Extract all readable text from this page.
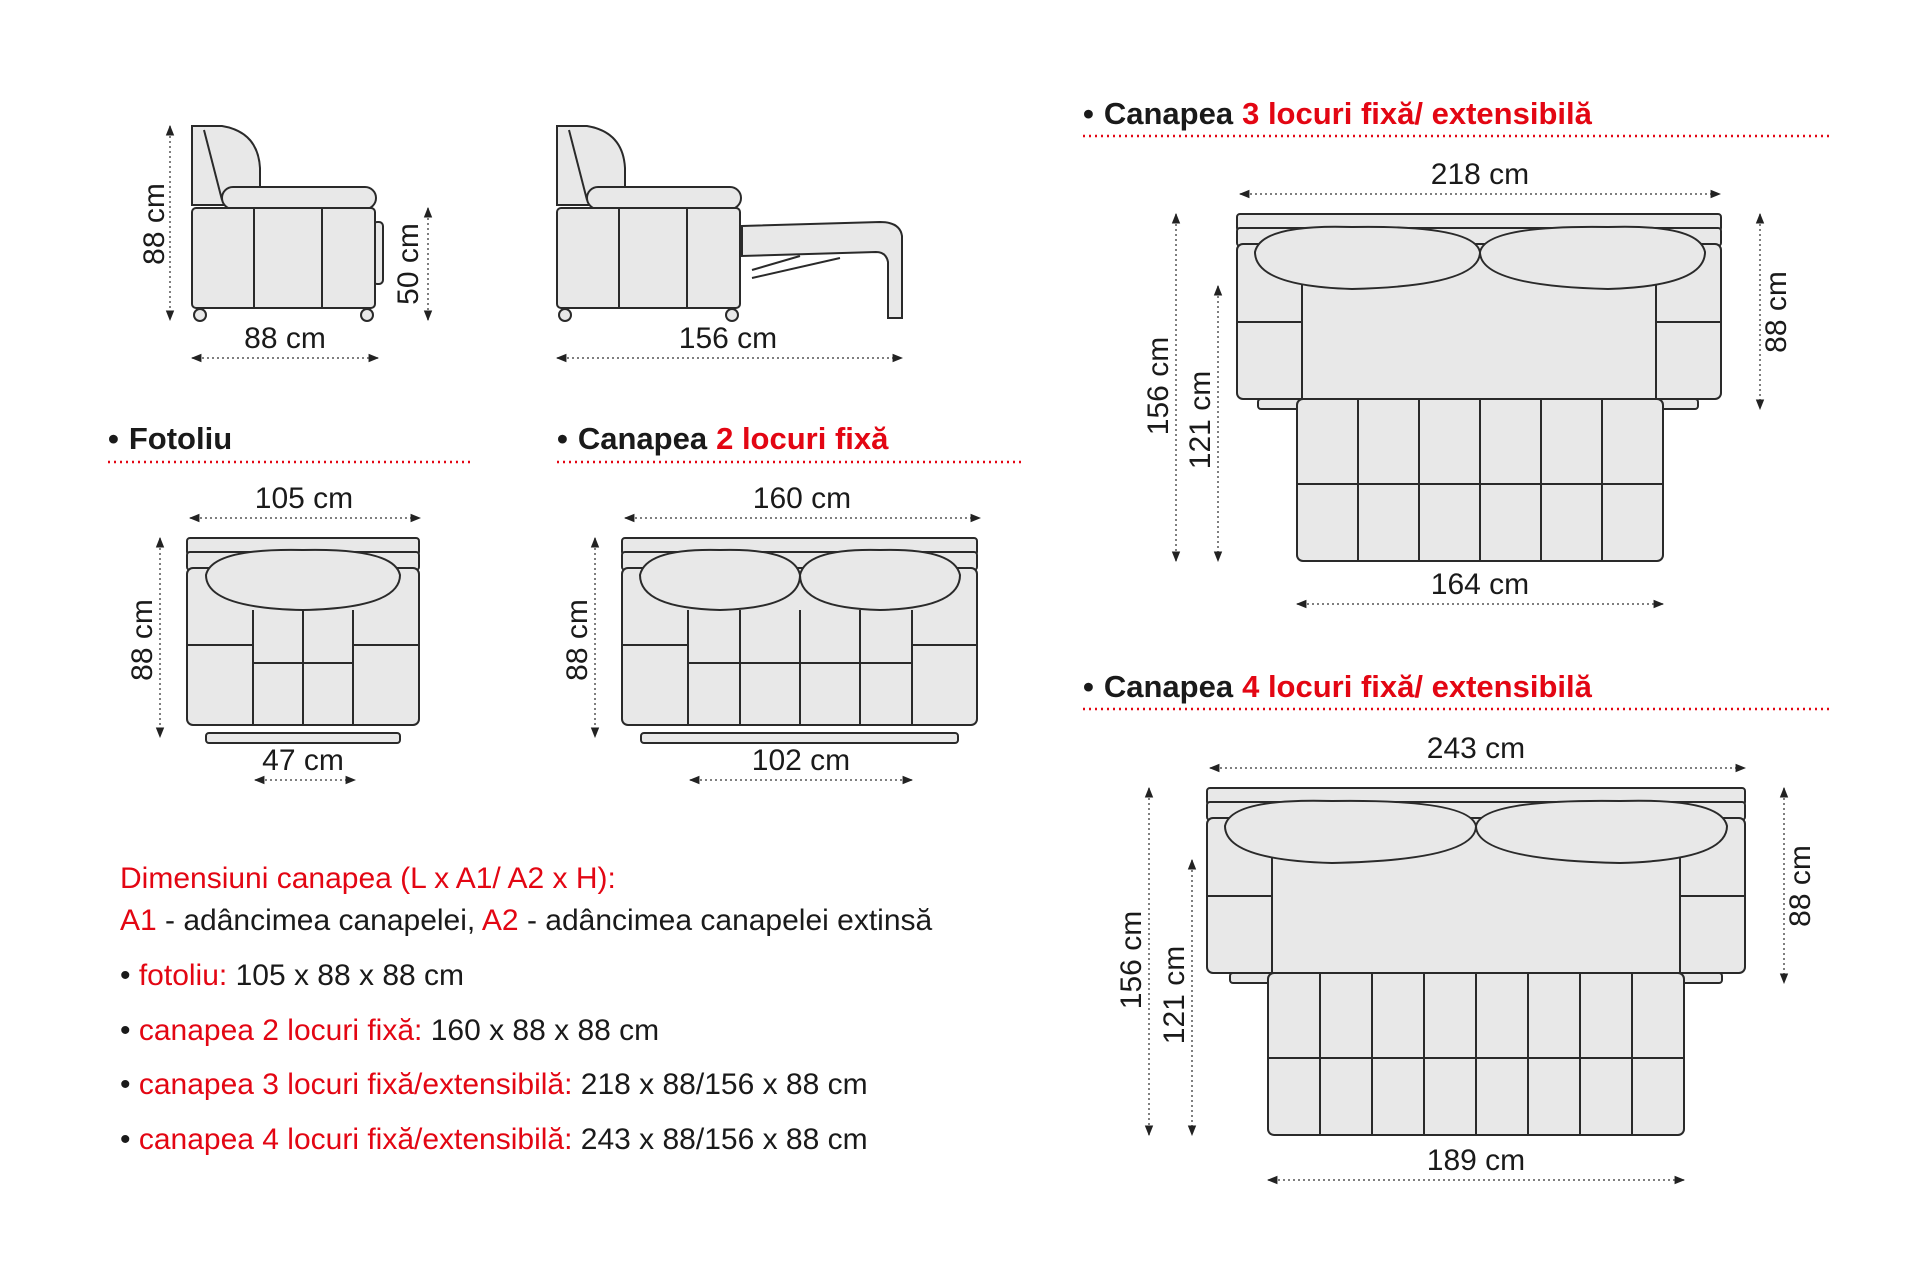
88 cm	50 cm
88 cm	156 cm
• Fotoliu
105 cm
88 cm
47 cm
• Canapea 2 locuri fixă
160 cm
88 cm
102 cm
• Canapea 3 locuri fixă/ extensibilă
218 cm
156 cm 121 cm
88 cm
164 cm
• Canapea 4 locuri fixă/ extensibilă
243 cm
156 cm 121 cm
88 cm
189 cm
Dimensiuni canapea (L x A1/ A2 x H):
A1 - adâncimea canapelei, A2 - adâncimea canapelei extinsă
• fotoliu: 105 x 88 x 88 cm
• canapea 2 locuri fixă: 160 x 88 x 88 cm
• canapea 3 locuri fixă/extensibilă: 218 x 88/156 x 88 cm
• canapea 4 locuri fixă/extensibilă: 243 x 88/156 x 88 cm
